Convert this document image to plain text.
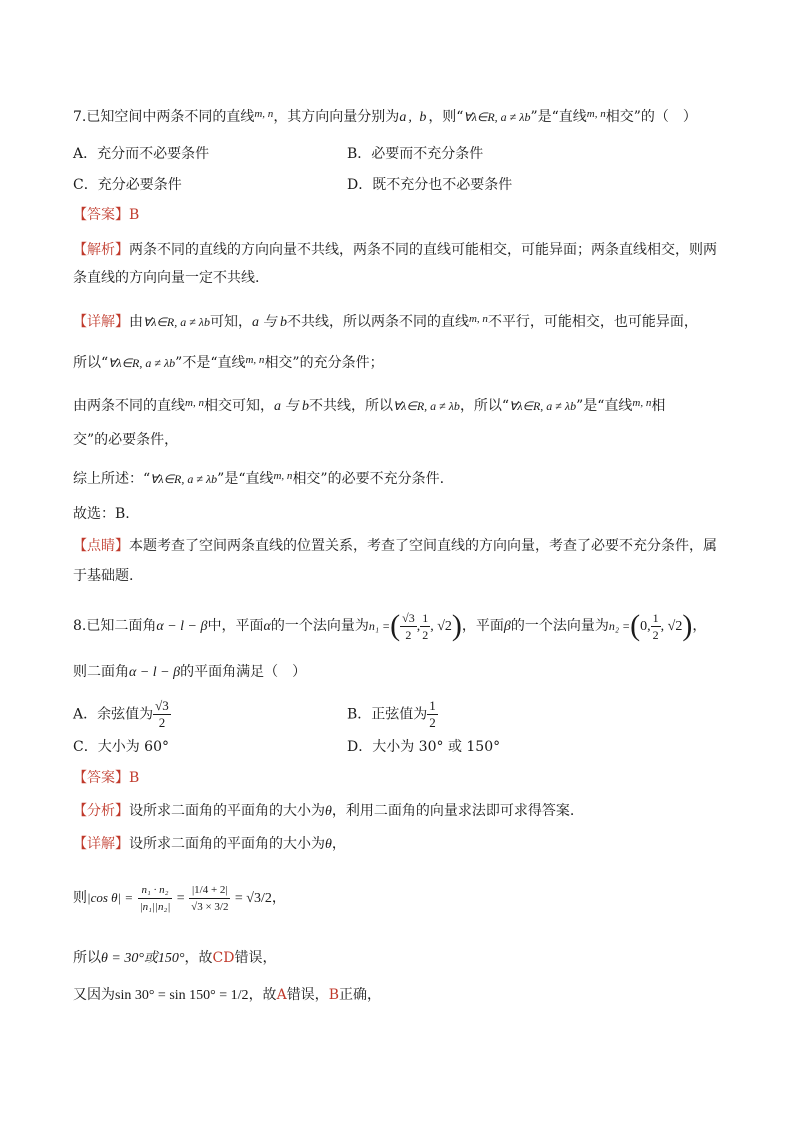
7.已知空间中两条不同的直线$^{m, n}$，其方向向量分别为a, b，则“∀λ∈R, a ≠ λb”是“直线$^{m, n}$相交”的（　）
A．充分而不必要条件	B．必要而不充分条件
C．充分必要条件	D．既不充分也不必要条件
【答案】B
【解析】两条不同的直线的方向向量不共线，两条不同的直线可能相交，可能异面；两条直线相交，则两
条直线的方向向量一定不共线.
【详解】由∀λ∈R, a ≠ λb可知，a 与 b不共线，所以两条不同的直线$^{m, n}$不平行，可能相交，也可能异面，
所以“∀λ∈R, a ≠ λb”不是“直线$^{m, n}$相交”的充分条件；
由两条不同的直线$^{m, n}$相交可知，a 与 b不共线，所以∀λ∈R, a ≠ λb，所以“∀λ∈R, a ≠ λb”是“直线$^{m, n}$相
交”的必要条件，
综上所述：“∀λ∈R, a ≠ λb”是“直线$^{m, n}$相交”的必要不充分条件.
故选：B.
【点睛】本题考查了空间两条直线的位置关系，考查了空间直线的方向向量，考查了必要不充分条件，属
于基础题.
8.已知二面角α − l − β中，平面α的一个法向量为n₁ =( $\frac{√3}{2}$ , $\frac{1}{2}$ , √2)，平面β的一个法向量为n₂ =(0, $\frac{1}{2}$ , √2)，
则二面角α − l − β的平面角满足（　）
A．余弦值为 $\frac{√3}{2}$	B．正弦值为 $\frac{1}{2}$
C．大小为 60°	D．大小为 30° 或 150°
【答案】B
【分析】设所求二面角的平面角的大小为θ，利用二面角的向量求法即可求得答案.
【详解】设所求二面角的平面角的大小为θ，
则|cos $\theta| = \frac{\text{n₁ · n₂}}{\text{|n₁||n₂|}} = \frac{|1/4 + 2|}{√3 \times 3/2} = √3/2$，
所以θ = 30°或150°，故CD错误，
又因为sin 30° = sin 150° = 1/2，故A错误，B正确，
